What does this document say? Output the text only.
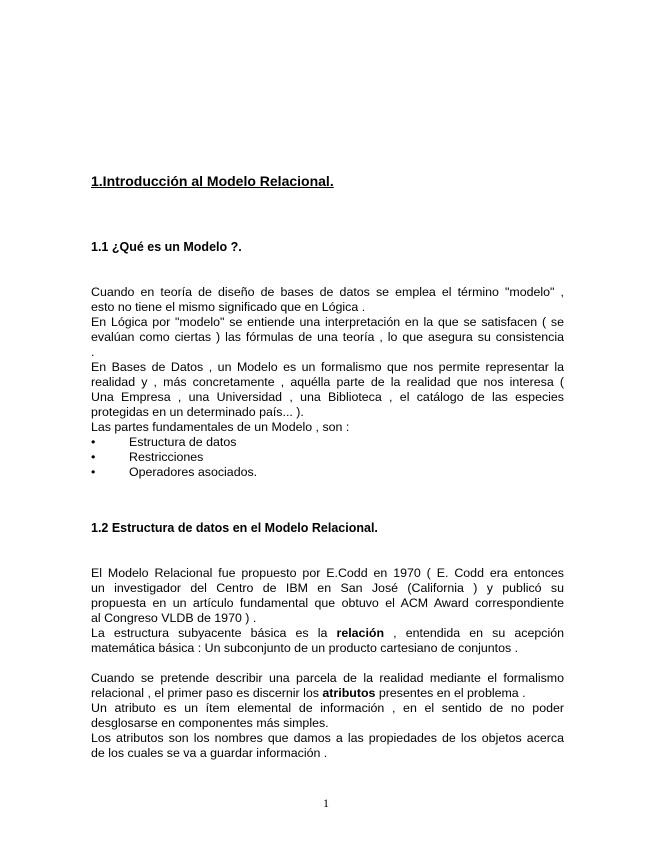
1.Introducción al Modelo Relacional.
1.1 ¿Qué es un Modelo ?.
Cuando en teoría de diseño de bases de datos se emplea el término "modelo" ,
esto no tiene el mismo significado que en Lógica .
En Lógica por "modelo" se entiende una interpretación en la que se satisfacen ( se
evalúan como ciertas ) las fórmulas de una teoría , lo que asegura su consistencia
.
En Bases de Datos , un Modelo es un formalismo que nos permite representar la
realidad y , más concretamente , aquélla parte de la realidad que nos interesa (
Una Empresa , una Universidad , una Biblioteca , el catálogo de las especies
protegidas en un determinado país... ).
Las partes fundamentales de un Modelo , son :
•	Estructura de datos
•	Restricciones
•	Operadores asociados.
1.2 Estructura de datos en el Modelo Relacional.
El Modelo Relacional fue propuesto por E.Codd en 1970 ( E. Codd era entonces
un investigador del Centro de IBM en San José (California ) y publicó su
propuesta en un artículo fundamental que obtuvo el ACM Award correspondiente
al Congreso VLDB de 1970 ) .
La estructura subyacente básica es la relación , entendida en su acepción
matemática básica : Un subconjunto de un producto cartesiano de conjuntos .
Cuando se pretende describir una parcela de la realidad mediante el formalismo
relacional , el primer paso es discernir los atributos presentes en el problema .
Un atributo es un ítem elemental de información , en el sentido de no poder
desglosarse en componentes más simples.
Los atributos son los nombres que damos a las propiedades de los objetos acerca
de los cuales se va a guardar información .
1
